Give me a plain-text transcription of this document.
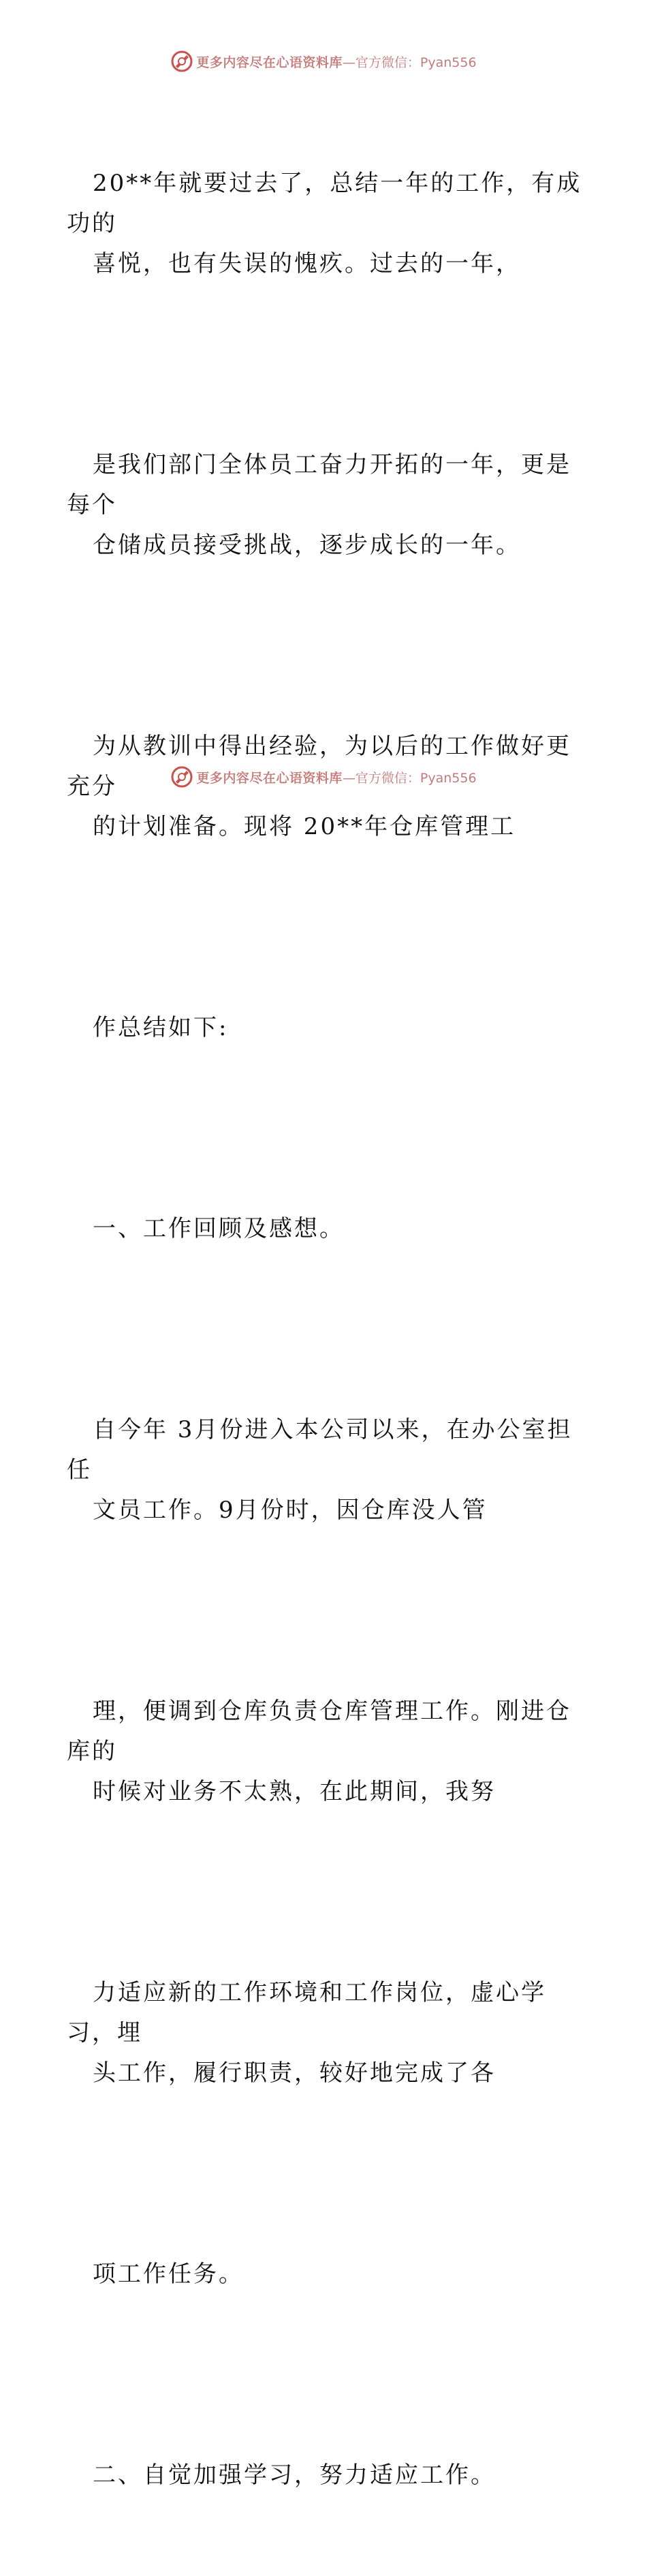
更多内容尽在心语资料库 —官方微信：Pyan556

20**年就要过去了，总结一年的工作，有成功的
喜悦，也有失误的愧疚。过去的一年，

是我们部门全体员工奋力开拓的一年，更是每个
仓储成员接受挑战，逐步成长的一年。

为从教训中得出经验，为以后的工作做好更充分
的计划准备。现将 20**年仓库管理工

作总结如下:

一、工作回顾及感想。

自今年 3月份进入本公司以来，在办公室担任
文员工作。9月份时，因仓库没人管

理，便调到仓库负责仓库管理工作。刚进仓库的
时候对业务不太熟，在此期间，我努

力适应新的工作环境和工作岗位，虚心学习，埋
头工作，履行职责，较好地完成了各

项工作任务。

二、自觉加强学习，努力适应工作。

更多内容尽在心语资料库 —官方微信：Pyan556
